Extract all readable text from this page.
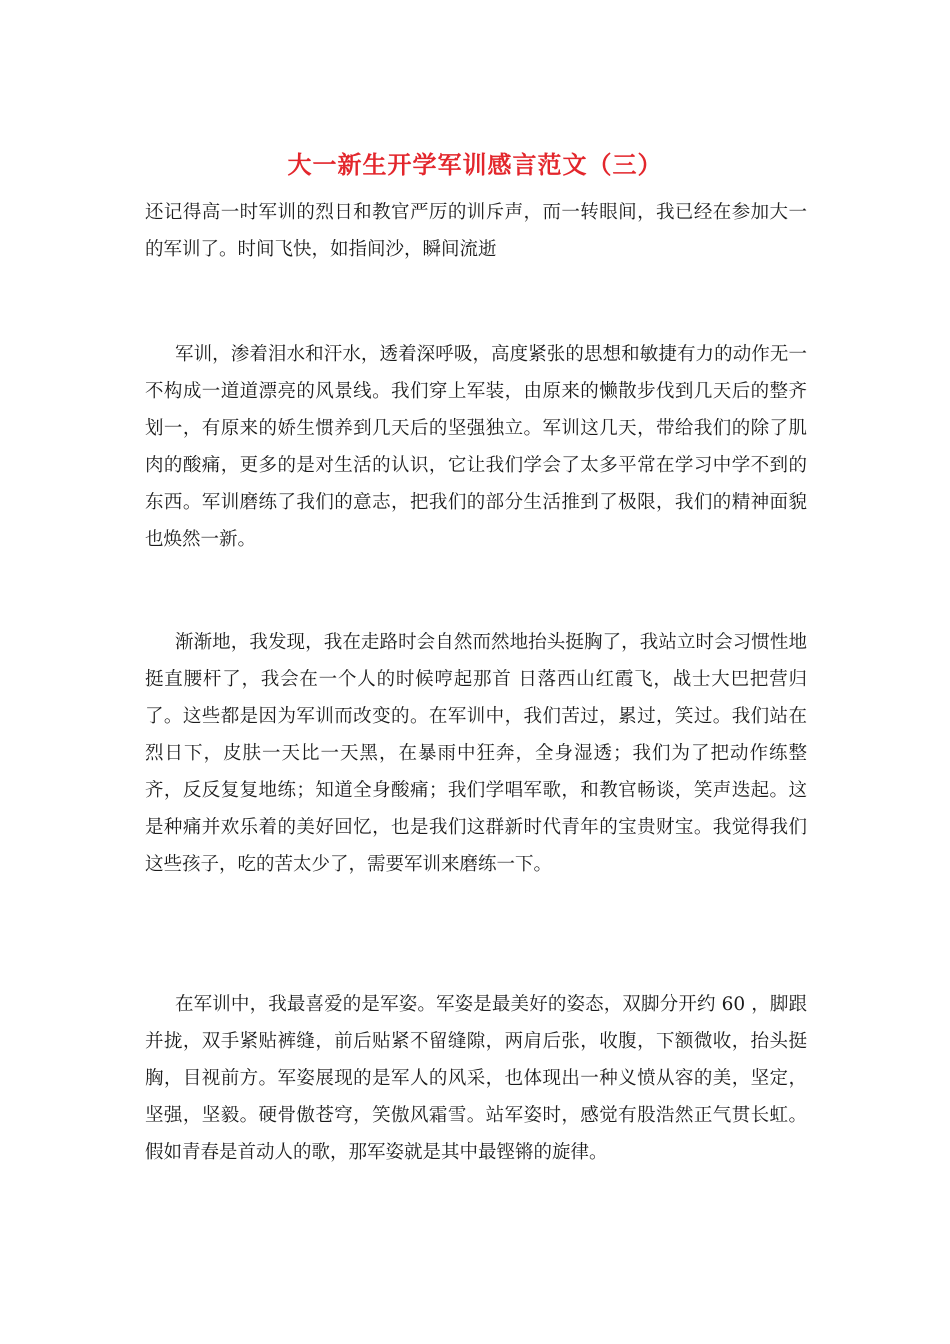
大一新生开学军训感言范文（三）

还记得高一时军训的烈日和教官严厉的训斥声，而一转眼间，我已经在参加大一的军训了。时间飞快，如指间沙，瞬间流逝

军训，渗着泪水和汗水，透着深呼吸，高度紧张的思想和敏捷有力的动作无一不构成一道道漂亮的风景线。我们穿上军装，由原来的懒散步伐到几天后的整齐划一，有原来的娇生惯养到几天后的坚强独立。军训这几天，带给我们的除了肌肉的酸痛，更多的是对生活的认识，它让我们学会了太多平常在学习中学不到的东西。军训磨练了我们的意志，把我们的部分生活推到了极限，我们的精神面貌也焕然一新。

渐渐地，我发现，我在走路时会自然而然地抬头挺胸了，我站立时会习惯性地挺直腰杆了，我会在一个人的时候哼起那首 日落西山红霞飞，战士大巴把营归 了。这些都是因为军训而改变的。在军训中，我们苦过，累过，笑过。我们站在烈日下，皮肤一天比一天黑，在暴雨中狂奔，全身湿透；我们为了把动作练整齐，反反复复地练；知道全身酸痛；我们学唱军歌，和教官畅谈，笑声迭起。这是种痛并欢乐着的美好回忆，也是我们这群新时代青年的宝贵财宝。我觉得我们这些孩子，吃的苦太少了，需要军训来磨练一下。

在军训中，我最喜爱的是军姿。军姿是最美好的姿态，双脚分开约 60 ，脚跟并拢，双手紧贴裤缝，前后贴紧不留缝隙，两肩后张，收腹，下额微收，抬头挺胸，目视前方。军姿展现的是军人的风采，也体现出一种义愤从容的美，坚定，坚强，坚毅。硬骨傲苍穹，笑傲风霜雪。站军姿时，感觉有股浩然正气贯长虹。假如青春是首动人的歌，那军姿就是其中最铿锵的旋律。
